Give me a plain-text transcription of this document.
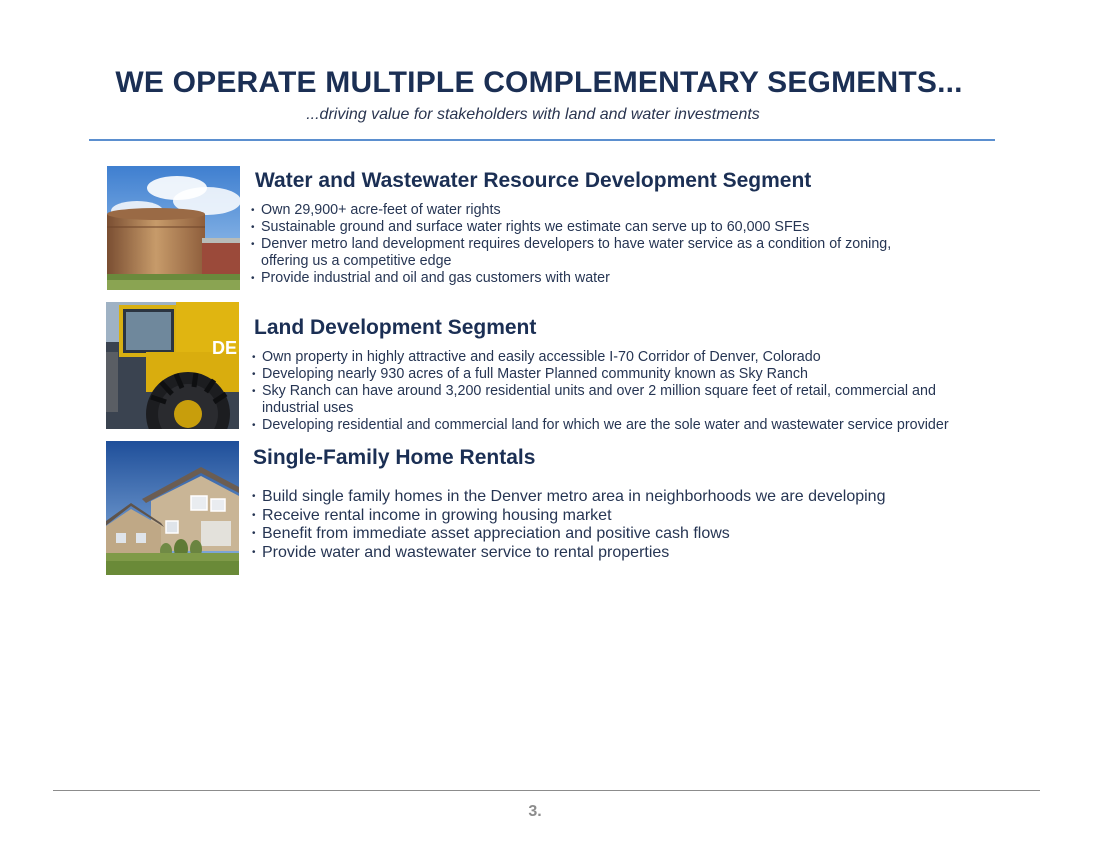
WE OPERATE MULTIPLE COMPLEMENTARY SEGMENTS...
...driving value for stakeholders with land and water investments
Water and Wastewater Resource Development Segment
• Own 29,900+ acre-feet of water rights
• Sustainable ground and surface water rights we estimate can serve up to 60,000 SFEs
• Denver metro land development requires developers to have water service as a condition of zoning, offering us a competitive edge
• Provide industrial and oil and gas customers with water
DE
Land Development Segment
• Own property in highly attractive and easily accessible I-70 Corridor of Denver, Colorado
• Developing nearly 930 acres of a full Master Planned community known as Sky Ranch
• Sky Ranch can have around 3,200 residential units and over 2 million square feet of retail, commercial and industrial uses
• Developing residential and commercial land for which we are the sole water and wastewater service provider
Single-Family Home Rentals
• Build single family homes in the Denver metro area in neighborhoods we are developing
• Receive rental income in growing housing market
• Benefit from immediate asset appreciation and positive cash flows
• Provide water and wastewater service to rental properties
3.
